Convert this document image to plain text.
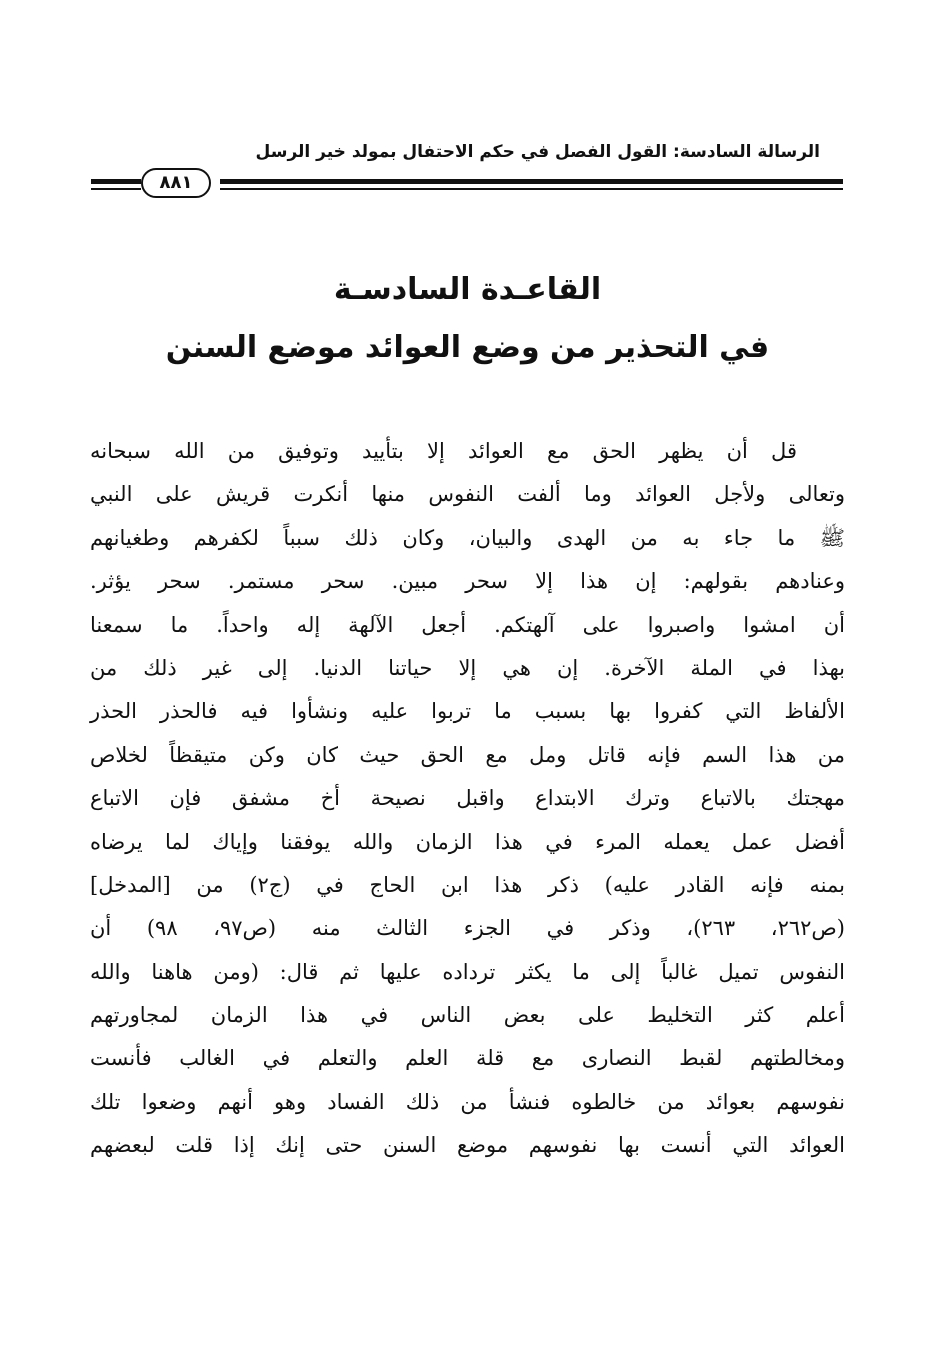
الرسالة السادسة: القول الفصل في حكم الاحتفال بمولد خير الرسل
٨٨١
القاعـدة السادسـة
في التحذير من وضع العوائد موضع السنن
قل أن يظهر الحق مع العوائد إلا بتأييد وتوفيق من الله سبحانه
وتعالى ولأجل العوائد وما ألفت النفوس منها أنكرت قريش على النبي
ﷺ ما جاء به من الهدى والبيان، وكان ذلك سبباً لكفرهم وطغيانهم
وعنادهم بقولهم: إن هذا إلا سحر مبين. سحر مستمر. سحر يؤثر.
أن امشوا واصبروا على آلهتكم. أجعل الآلهة إله واحداً. ما سمعنا
بهذا في الملة الآخرة. إن هي إلا حياتنا الدنيا. إلى غير ذلك من
الألفاظ التي كفروا بها بسبب ما تربوا عليه ونشأوا فيه فالحذر الحذر
من هذا السم فإنه قاتل ومل مع الحق حيث كان وكن متيقظاً لخلاص
مهجتك بالاتباع وترك الابتداع واقبل نصيحة أخ مشفق فإن الاتباع
أفضل عمل يعمله المرء في هذا الزمان والله يوفقنا وإياك لما يرضاه
بمنه فإنه القادر عليه) ذكر هذا ابن الحاج في (ج٢) من [المدخل]
(ص٢٦٢، ٢٦٣)، وذكر في الجزء الثالث منه (ص٩٧، ٩٨) أن
النفوس تميل غالباً إلى ما يكثر ترداده عليها ثم قال: (ومن هاهنا والله
أعلم كثر التخليط على بعض الناس في هذا الزمان لمجاورتهم
ومخالطتهم لقبط النصارى مع قلة العلم والتعلم في الغالب فأنست
نفوسهم بعوائد من خالطوه فنشأ من ذلك الفساد وهو أنهم وضعوا تلك
العوائد التي أنست بها نفوسهم موضع السنن حتى إنك إذا قلت لبعضهم
